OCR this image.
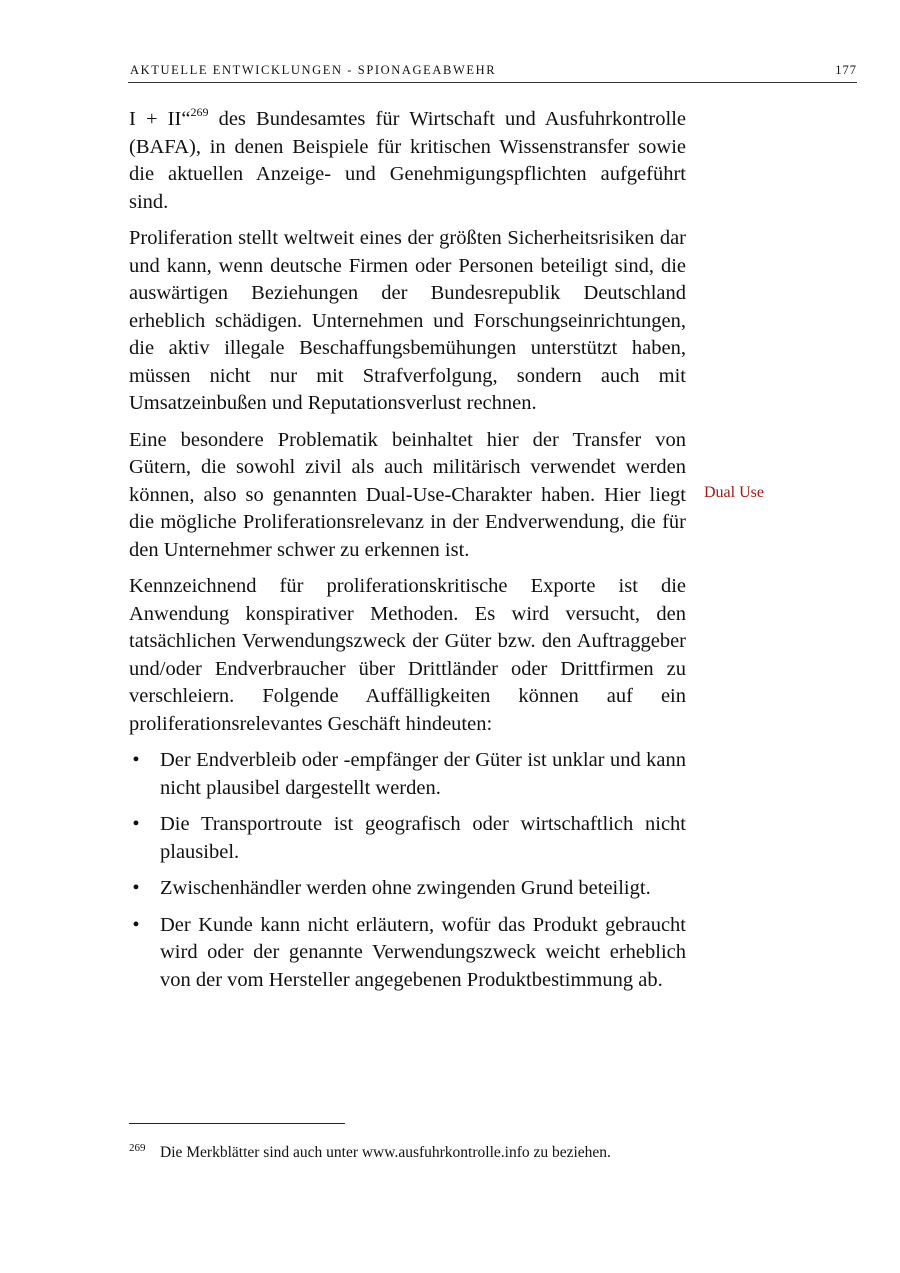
AKTUELLE ENTWICKLUNGEN - SPIONAGEABWEHR	177

I + II“$^{269}$ des Bundesamtes für Wirtschaft und Ausfuhrkontrolle (BAFA), in denen Beispiele für kritischen Wissenstransfer sowie die aktuellen Anzeige- und Genehmigungspflichten aufgeführt sind.

Proliferation stellt weltweit eines der größten Sicherheitsrisiken dar und kann, wenn deutsche Firmen oder Personen beteiligt sind, die auswärtigen Beziehungen der Bundesrepublik Deutschland erheblich schädigen. Unternehmen und Forschungseinrichtungen, die aktiv illegale Beschaffungsbemühungen unterstützt haben, müssen nicht nur mit Strafverfolgung, sondern auch mit Umsatzeinbußen und Reputationsverlust rechnen.

Eine besondere Problematik beinhaltet hier der Transfer von Gütern, die sowohl zivil als auch militärisch verwendet werden können, also so genannten Dual-Use-Charakter haben. Hier liegt die mögliche Proliferationsrelevanz in der Endverwendung, die für den Unternehmer schwer zu erkennen ist.

Kennzeichnend für proliferationskritische Exporte ist die Anwendung konspirativer Methoden. Es wird versucht, den tatsächlichen Verwendungszweck der Güter bzw. den Auftraggeber und/oder Endverbraucher über Drittländer oder Drittfirmen zu verschleiern. Folgende Auffälligkeiten können auf ein proliferationsrelevantes Geschäft hindeuten:

• Der Endverbleib oder -empfänger der Güter ist unklar und kann nicht plausibel dargestellt werden.
• Die Transportroute ist geografisch oder wirtschaftlich nicht plausibel.
• Zwischenhändler werden ohne zwingenden Grund beteiligt.
• Der Kunde kann nicht erläutern, wofür das Produkt gebraucht wird oder der genannte Verwendungszweck weicht erheblich von der vom Hersteller angegebenen Produktbestimmung ab.
Dual Use
269 Die Merkblätter sind auch unter www.ausfuhrkontrolle.info zu beziehen.
